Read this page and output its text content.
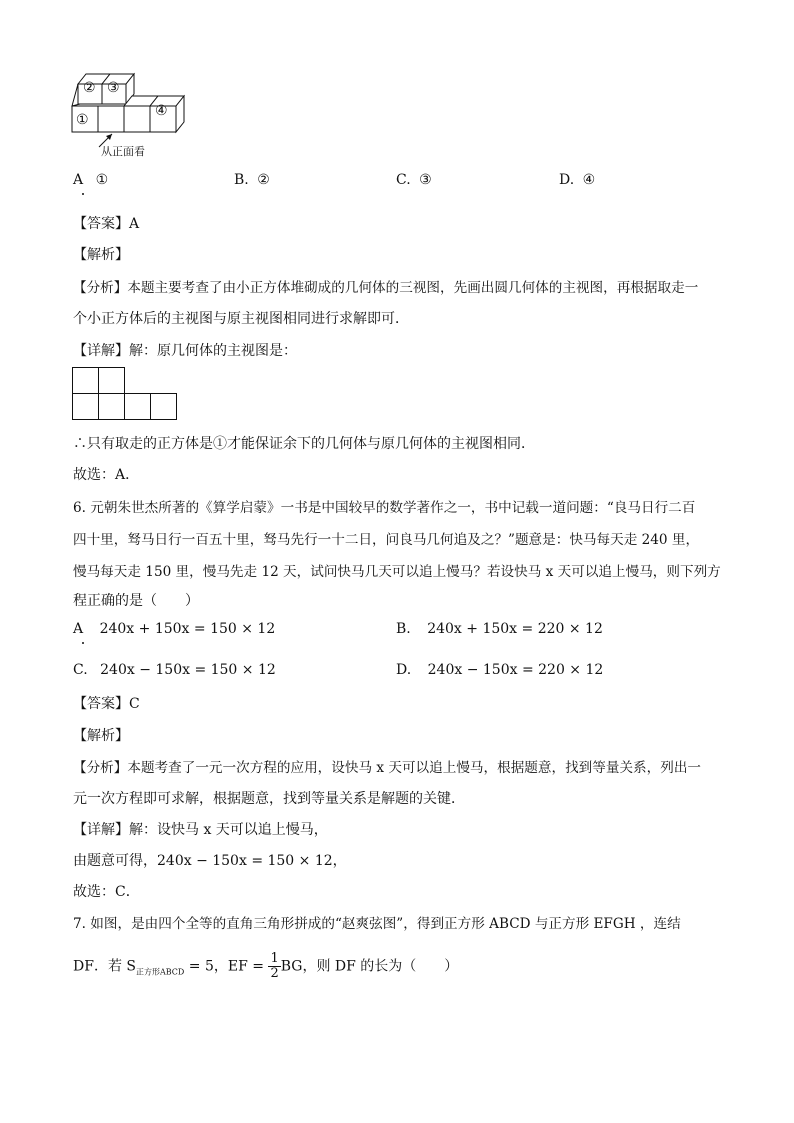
② ③
①
④
从正面看
A ①	B. ②	C. ③	D. ④
【答案】A
【解析】
【分析】本题主要考查了由小正方体堆砌成的几何体的三视图，先画出圆几何体的主视图，再根据取走一
个小正方体后的主视图与原主视图相同进行求解即可．
【详解】解：原几何体的主视图是：
∴只有取走的正方体是①才能保证余下的几何体与原几何体的主视图相同．
故选：A．
6. 元朝朱世杰所著的《算学启蒙》一书是中国较早的数学著作之一，书中记载一道问题：“良马日行二百
四十里，驽马日行一百五十里，驽马先行一十二日，问良马几何追及之？”题意是：快马每天走 240 里，
慢马每天走 150 里，慢马先走 12 天，试问快马几天可以追上慢马？若设快马 x 天可以追上慢马，则下列方
程正确的是（　　）
A 240x + 150x = 150 × 12	B. 240x + 150x = 220 × 12
C. 240x − 150x = 150 × 12	D. 240x − 150x = 220 × 12
【答案】C
【解析】
【分析】本题考查了一元一次方程的应用，设快马 x 天可以追上慢马，根据题意，找到等量关系，列出一
元一次方程即可求解，根据题意，找到等量关系是解题的关键．
【详解】解：设快马 x 天可以追上慢马，
由题意可得，240x − 150x = 150 × 12，
故选：C．
7. 如图，是由四个全等的直角三角形拼成的“赵爽弦图”，得到正方形 ABCD 与正方形 EFGH ，连结
DF．若 $S_{正方形ABCD} = 5$，EF = $\frac{1}{2}$ BG，则 DF 的长为（　　）
